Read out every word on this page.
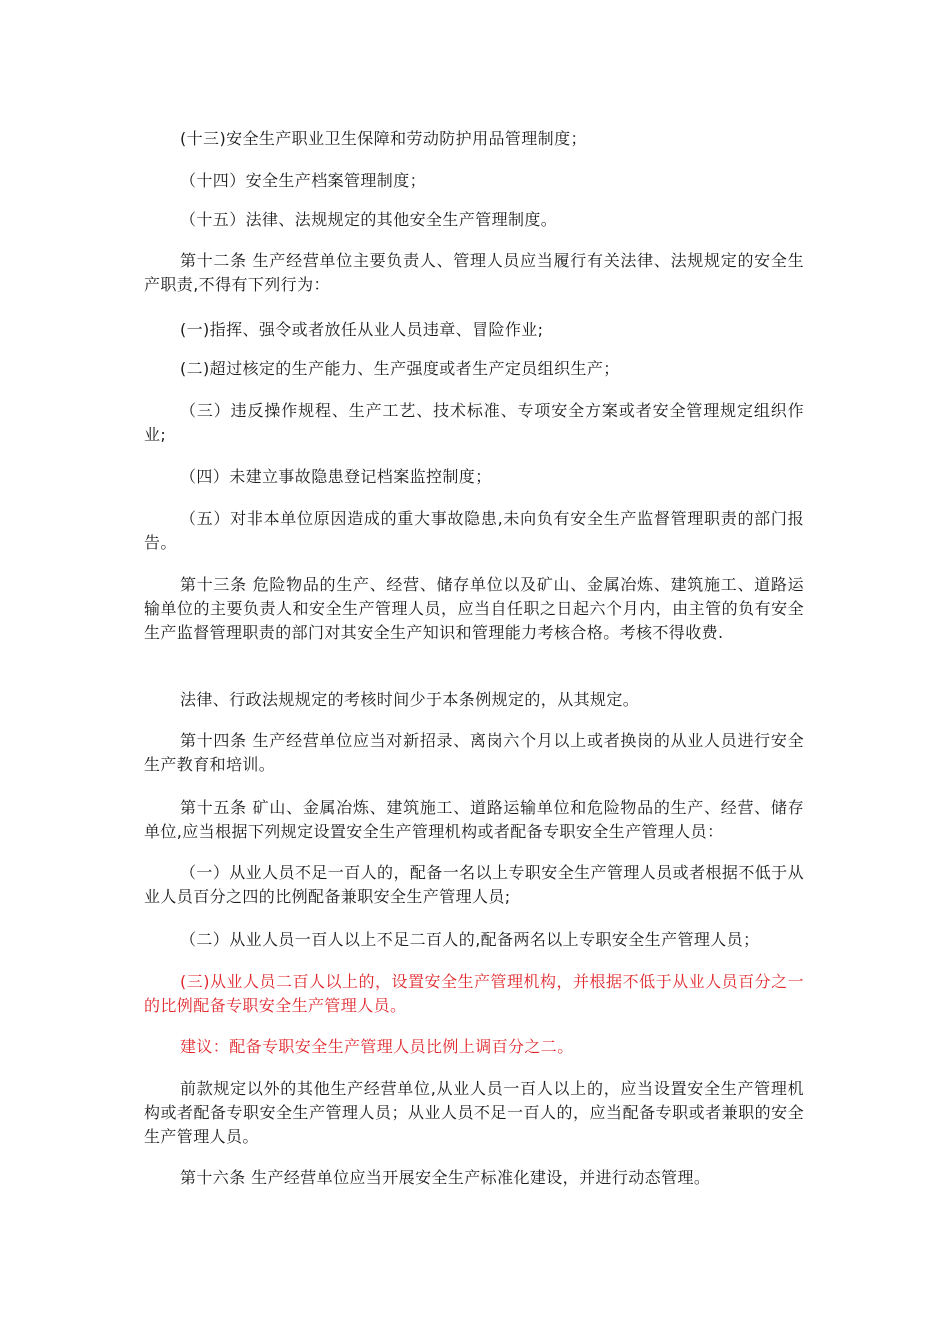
(十三)安全生产职业卫生保障和劳动防护用品管理制度；

（十四）安全生产档案管理制度；

（十五）法律、法规规定的其他安全生产管理制度。

第十二条 生产经营单位主要负责人、管理人员应当履行有关法律、法规规定的安全生产职责,不得有下列行为：

(一)指挥、强令或者放任从业人员违章、冒险作业;

(二)超过核定的生产能力、生产强度或者生产定员组织生产；

（三）违反操作规程、生产工艺、技术标准、专项安全方案或者安全管理规定组织作业;

（四）未建立事故隐患登记档案监控制度；

（五）对非本单位原因造成的重大事故隐患,未向负有安全生产监督管理职责的部门报告。

第十三条 危险物品的生产、经营、储存单位以及矿山、金属冶炼、建筑施工、道路运输单位的主要负责人和安全生产管理人员，应当自任职之日起六个月内，由主管的负有安全生产监督管理职责的部门对其安全生产知识和管理能力考核合格。考核不得收费.

法律、行政法规规定的考核时间少于本条例规定的，从其规定。

第十四条 生产经营单位应当对新招录、离岗六个月以上或者换岗的从业人员进行安全生产教育和培训。

第十五条 矿山、金属冶炼、建筑施工、道路运输单位和危险物品的生产、经营、储存单位,应当根据下列规定设置安全生产管理机构或者配备专职安全生产管理人员：

（一）从业人员不足一百人的，配备一名以上专职安全生产管理人员或者根据不低于从业人员百分之四的比例配备兼职安全生产管理人员;

（二）从业人员一百人以上不足二百人的,配备两名以上专职安全生产管理人员；

(三)从业人员二百人以上的，设置安全生产管理机构，并根据不低于从业人员百分之一的比例配备专职安全生产管理人员。

建议：配备专职安全生产管理人员比例上调百分之二。

前款规定以外的其他生产经营单位,从业人员一百人以上的，应当设置安全生产管理机构或者配备专职安全生产管理人员；从业人员不足一百人的，应当配备专职或者兼职的安全生产管理人员。

第十六条 生产经营单位应当开展安全生产标准化建设，并进行动态管理。
